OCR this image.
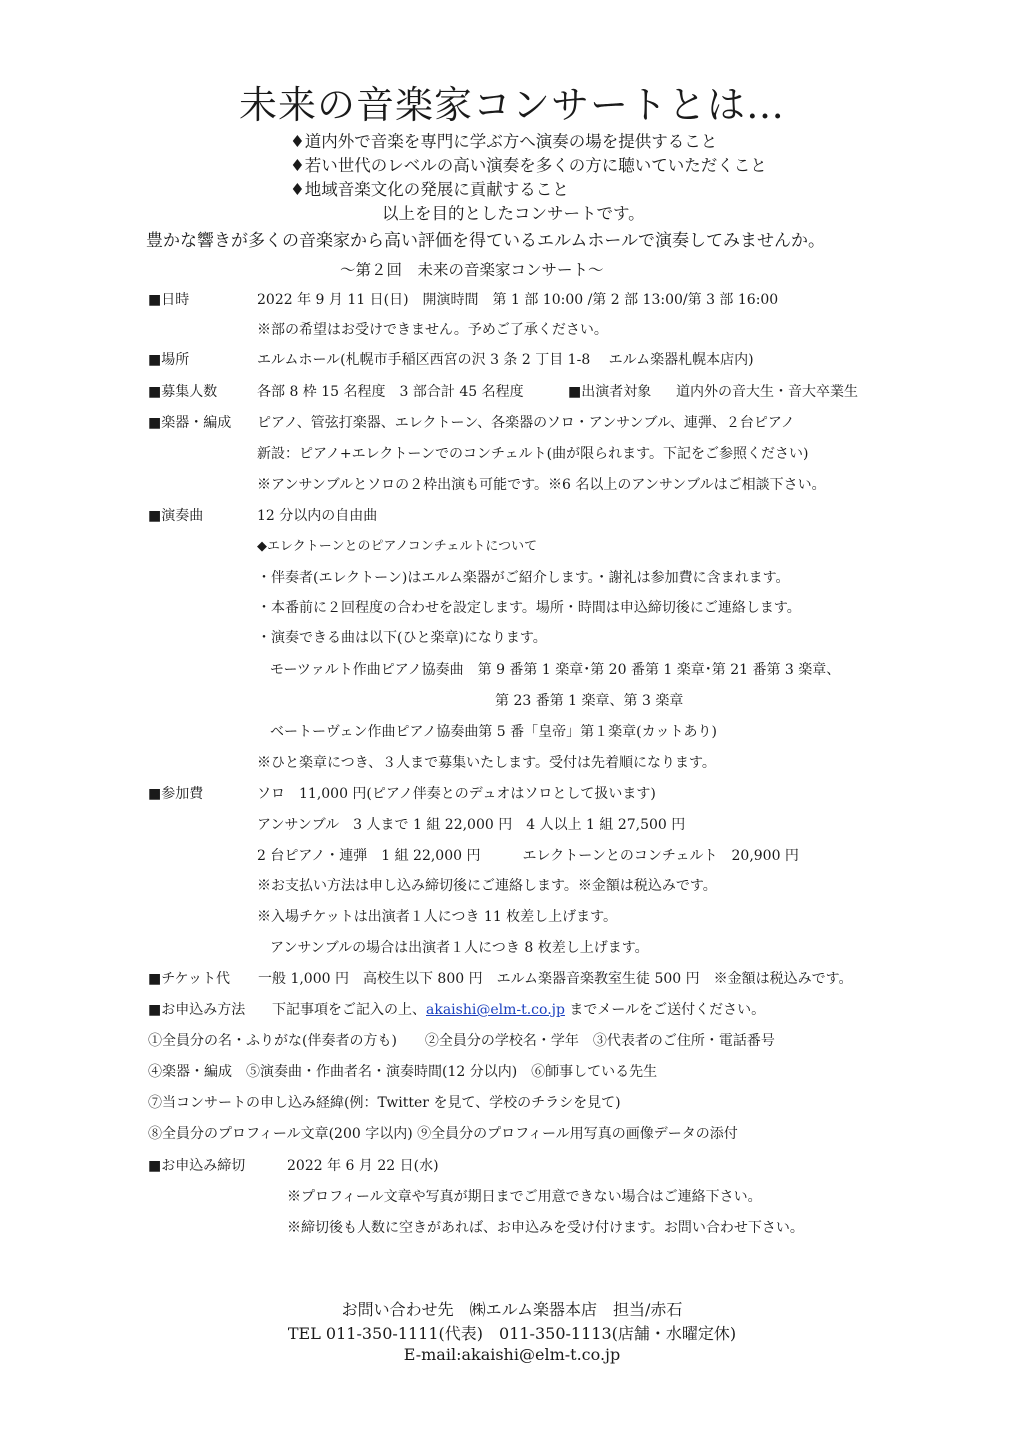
未来の音楽家コンサートとは…
♦道内外で音楽を専門に学ぶ方へ演奏の場を提供すること
♦若い世代のレベルの高い演奏を多くの方に聴いていただくこと
♦地域音楽文化の発展に貢献すること
以上を目的としたコンサートです。
豊かな響きが多くの音楽家から高い評価を得ているエルムホールで演奏してみませんか。
〜第２回　未来の音楽家コンサート〜
■日時	2022 年 9 月 11 日(日)　開演時間　第 1 部 10:00 /第 2 部 13:00/第 3 部 16:00
※部の希望はお受けできません。予めご了承ください。
■場所	エルムホール(札幌市手稲区西宮の沢 3 条 2 丁目 1-8　 エルム楽器札幌本店内)
■募集人数	各部 8 枠 15 名程度　3 部合計 45 名程度	■出演者対象 道内外の音大生・音大卒業生
■楽器・編成 ピアノ、管弦打楽器、エレクトーン、各楽器のソロ・アンサンブル、連弾、２台ピアノ
新設：ピアノ+エレクトーンでのコンチェルト(曲が限られます。下記をご参照ください)
※アンサンブルとソロの２枠出演も可能です。※6 名以上のアンサンブルはご相談下さい。
■演奏曲	12 分以内の自由曲
◆エレクトーンとのピアノコンチェルトについて
・伴奏者(エレクトーン)はエルム楽器がご紹介します。・謝礼は参加費に含まれます。
・本番前に２回程度の合わせを設定します。場所・時間は申込締切後にご連絡します。
・演奏できる曲は以下(ひと楽章)になります。
モーツァルト作曲ピアノ協奏曲　第 9 番第 1 楽章･第 20 番第 1 楽章･第 21 番第 3 楽章、
第 23 番第 1 楽章、第 3 楽章
ベートーヴェン作曲ピアノ協奏曲第 5 番「皇帝」第１楽章(カットあり)
※ひと楽章につき、３人まで募集いたします。受付は先着順になります。
■参加費	ソロ　11,000 円(ピアノ伴奏とのデュオはソロとして扱います)
アンサンブル　3 人まで 1 組 22,000 円　4 人以上 1 組 27,500 円
2 台ピアノ・連弾　1 組 22,000 円　　　エレクトーンとのコンチェルト　20,900 円
※お支払い方法は申し込み締切後にご連絡します。※金額は税込みです。
※入場チケットは出演者１人につき 11 枚差し上げます。
アンサンブルの場合は出演者１人につき 8 枚差し上げます。
■チケット代 一般 1,000 円　高校生以下 800 円　エルム楽器音楽教室生徒 500 円　※金額は税込みです。
■お申込み方法 下記事項をご記入の上、akaishi@elm-t.co.jp までメールをご送付ください。
①全員分の名・ふりがな(伴奏者の方も)　　②全員分の学校名・学年　③代表者のご住所・電話番号
④楽器・編成　⑤演奏曲・作曲者名・演奏時間(12 分以内)　⑥師事している先生
⑦当コンサートの申し込み経緯(例：Twitter を見て、学校のチラシを見て)
⑧全員分のプロフィール文章(200 字以内) ⑨全員分のプロフィール用写真の画像データの添付
■お申込み締切	2022 年 6 月 22 日(水)
※プロフィール文章や写真が期日までご用意できない場合はご連絡下さい。
※締切後も人数に空きがあれば、お申込みを受け付けます。お問い合わせ下さい。
お問い合わせ先　㈱エルム楽器本店　担当/赤石
TEL 011-350-1111(代表)　011-350-1113(店舗・水曜定休)
E-mail:akaishi@elm-t.co.jp
